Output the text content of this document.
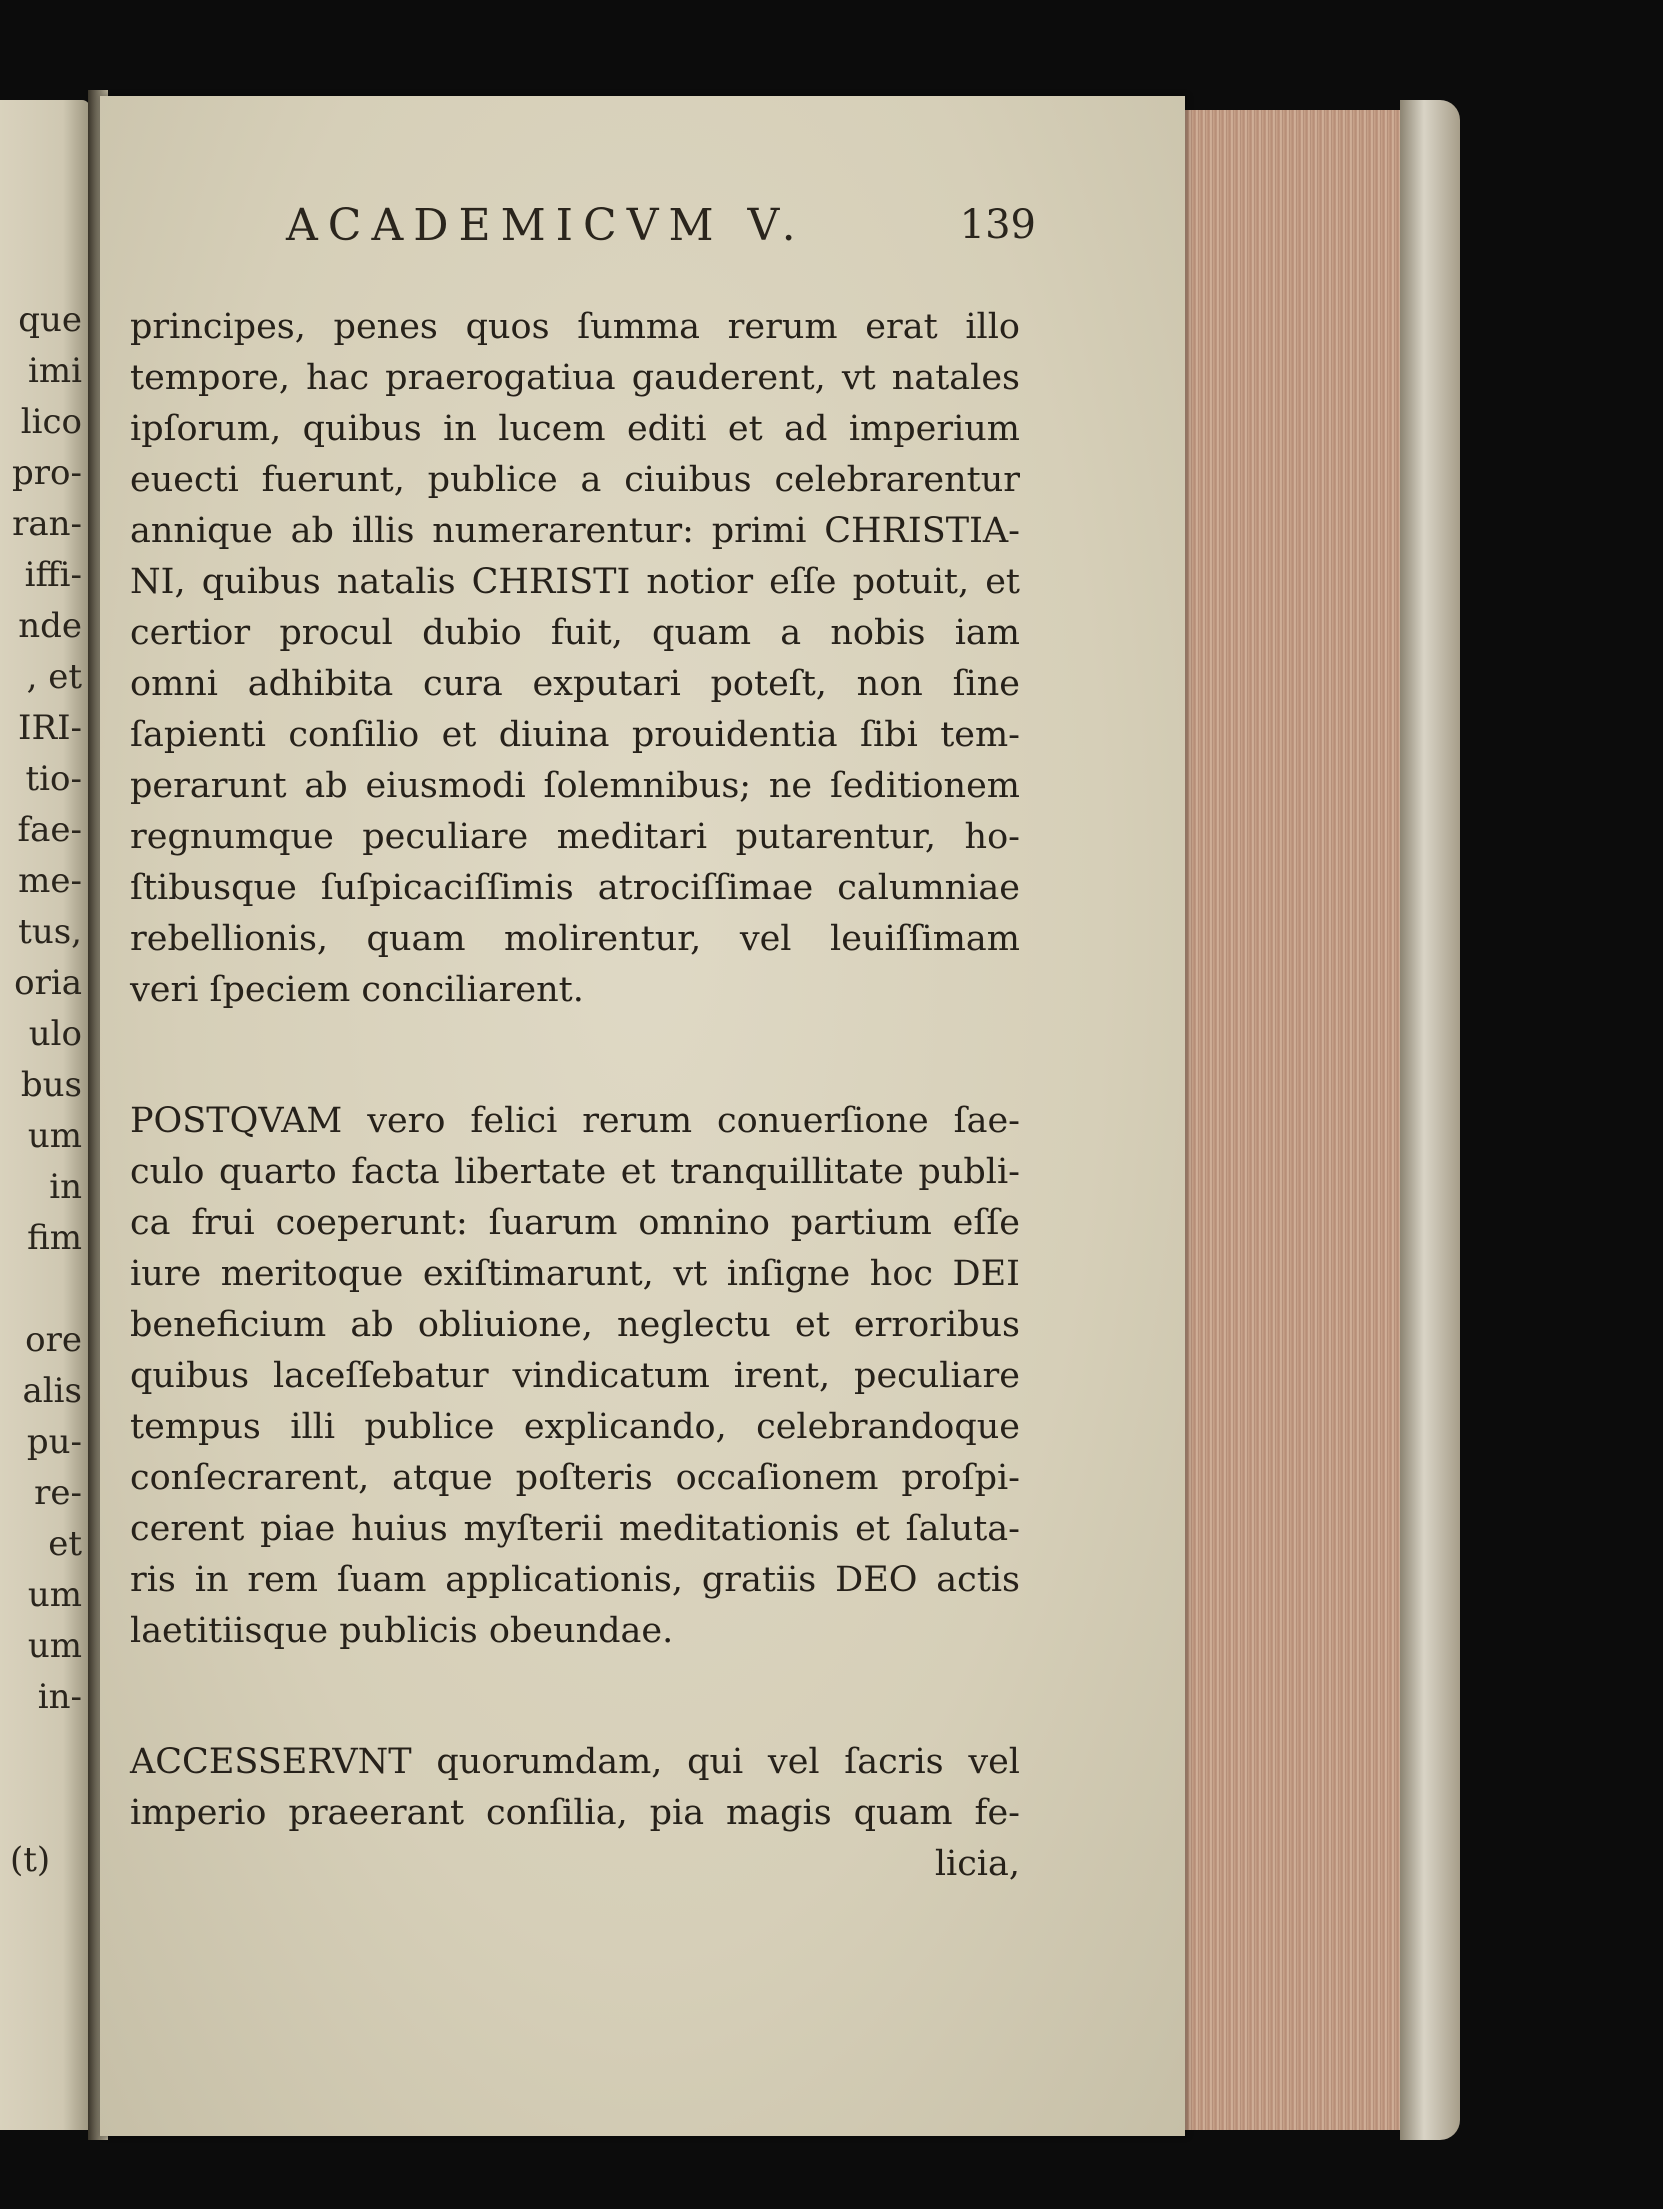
que
imi
lico
pro-
ran-
iffi-
nde
, et
IRI-
tio-
fae-
me-
tus,
oria
ulo
bus
um
in
fim
ore
alis
pu-
re-
et
um
um
in-
(t)
ACADEMICVM V.	139
principes, penes quos ſumma rerum erat illo
tempore, hac praerogatiua gauderent, vt natales
ipſorum, quibus in lucem editi et ad imperium
euecti fuerunt, publice a ciuibus celebrarentur
annique ab illis numerarentur: primi CHRISTIA-
NI, quibus natalis CHRISTI notior eſſe potuit, et
certior procul dubio fuit, quam a nobis iam
omni adhibita cura exputari poteſt, non ſine
ſapienti conſilio et diuina prouidentia ſibi tem-
perarunt ab eiusmodi ſolemnibus; ne ſeditionem
regnumque peculiare meditari putarentur, ho-
ſtibusque ſuſpicaciſſimis atrociſſimae calumniae
rebellionis, quam molirentur, vel leuiſſimam
veri ſpeciem conciliarent.
POSTQVAM vero felici rerum conuerſione ſae-
culo quarto facta libertate et tranquillitate publi-
ca frui coeperunt: ſuarum omnino partium eſſe
iure meritoque exiſtimarunt, vt inſigne hoc DEI
beneficium ab obliuione, neglectu et erroribus
quibus laceſſebatur vindicatum irent, peculiare
tempus illi publice explicando, celebrandoque
conſecrarent, atque poſteris occaſionem proſpi-
cerent piae huius myſterii meditationis et ſaluta-
ris in rem ſuam applicationis, gratiis DEO actis
laetitiisque publicis obeundae.
ACCESSERVNT quorumdam, qui vel ſacris vel
imperio praeerant conſilia, pia magis quam fe-
licia,
